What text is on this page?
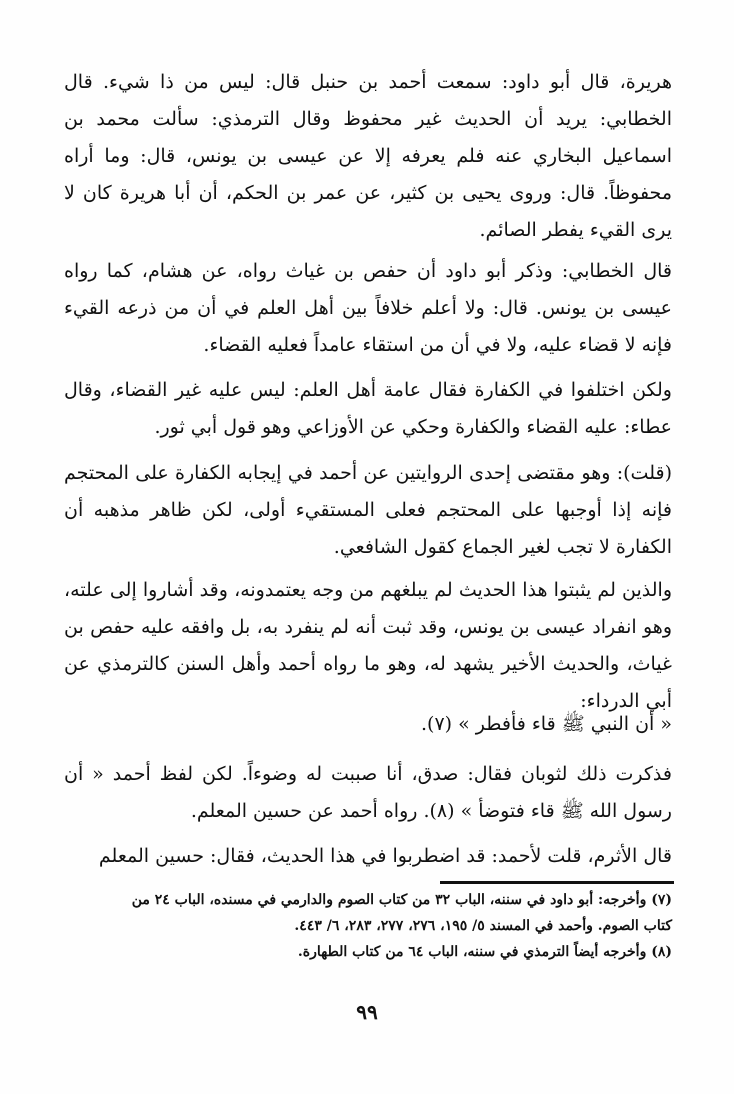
هريرة، قال أبو داود: سمعت أحمد بن حنبل قال: ليس من ذا شيء. قال الخطابي: يريد أن الحديث غير محفوظ وقال الترمذي: سألت محمد بن اسماعيل البخاري عنه فلم يعرفه إلا عن عيسى بن يونس، قال: وما أراه محفوظاً. قال: وروى يحيى بن كثير، عن عمر بن الحكم، أن أبا هريرة كان لا يرى القيء يفطر الصائم.

قال الخطابي: وذكر أبو داود أن حفص بن غياث رواه، عن هشام، كما رواه عيسى بن يونس. قال: ولا أعلم خلافاً بين أهل العلم في أن من ذرعه القيء فإنه لا قضاء عليه، ولا في أن من استقاء عامداً فعليه القضاء.

ولكن اختلفوا في الكفارة فقال عامة أهل العلم: ليس عليه غير القضاء، وقال عطاء: عليه القضاء والكفارة وحكي عن الأوزاعي وهو قول أبي ثور.

(قلت): وهو مقتضى إحدى الروايتين عن أحمد في إيجابه الكفارة على المحتجم فإنه إذا أوجبها على المحتجم فعلى المستقيء أولى، لكن ظاهر مذهبه أن الكفارة لا تجب لغير الجماع كقول الشافعي.

والذين لم يثبتوا هذا الحديث لم يبلغهم من وجه يعتمدونه، وقد أشاروا إلى علته، وهو انفراد عيسى بن يونس، وقد ثبت أنه لم ينفرد به، بل وافقه عليه حفص بن غياث، والحديث الأخير يشهد له، وهو ما رواه أحمد وأهل السنن كالترمذي عن أبي الدرداء:

« أن النبي ﷺ قاء فأفطر » (٧).

فذكرت ذلك لثوبان فقال: صدق، أنا صببت له وضوءاً. لكن لفظ أحمد « أن رسول الله ﷺ قاء فتوضأ » (٨). رواه أحمد عن حسين المعلم.

قال الأثرم، قلت لأحمد: قد اضطربوا في هذا الحديث، فقال: حسين المعلم

(٧) وأخرجه: أبو داود في سننه، الباب ٣٢ من كتاب الصوم والدارمي في مسنده، الباب ٢٤ من

كتاب الصوم. وأحمد في المسند ٥/ ١٩٥، ٢٧٦، ٢٧٧، ٢٨٣، ٦/ ٤٤٣.

(٨) وأخرجه أيضاً الترمذي في سننه، الباب ٦٤ من كتاب الطهارة.

٩٩
